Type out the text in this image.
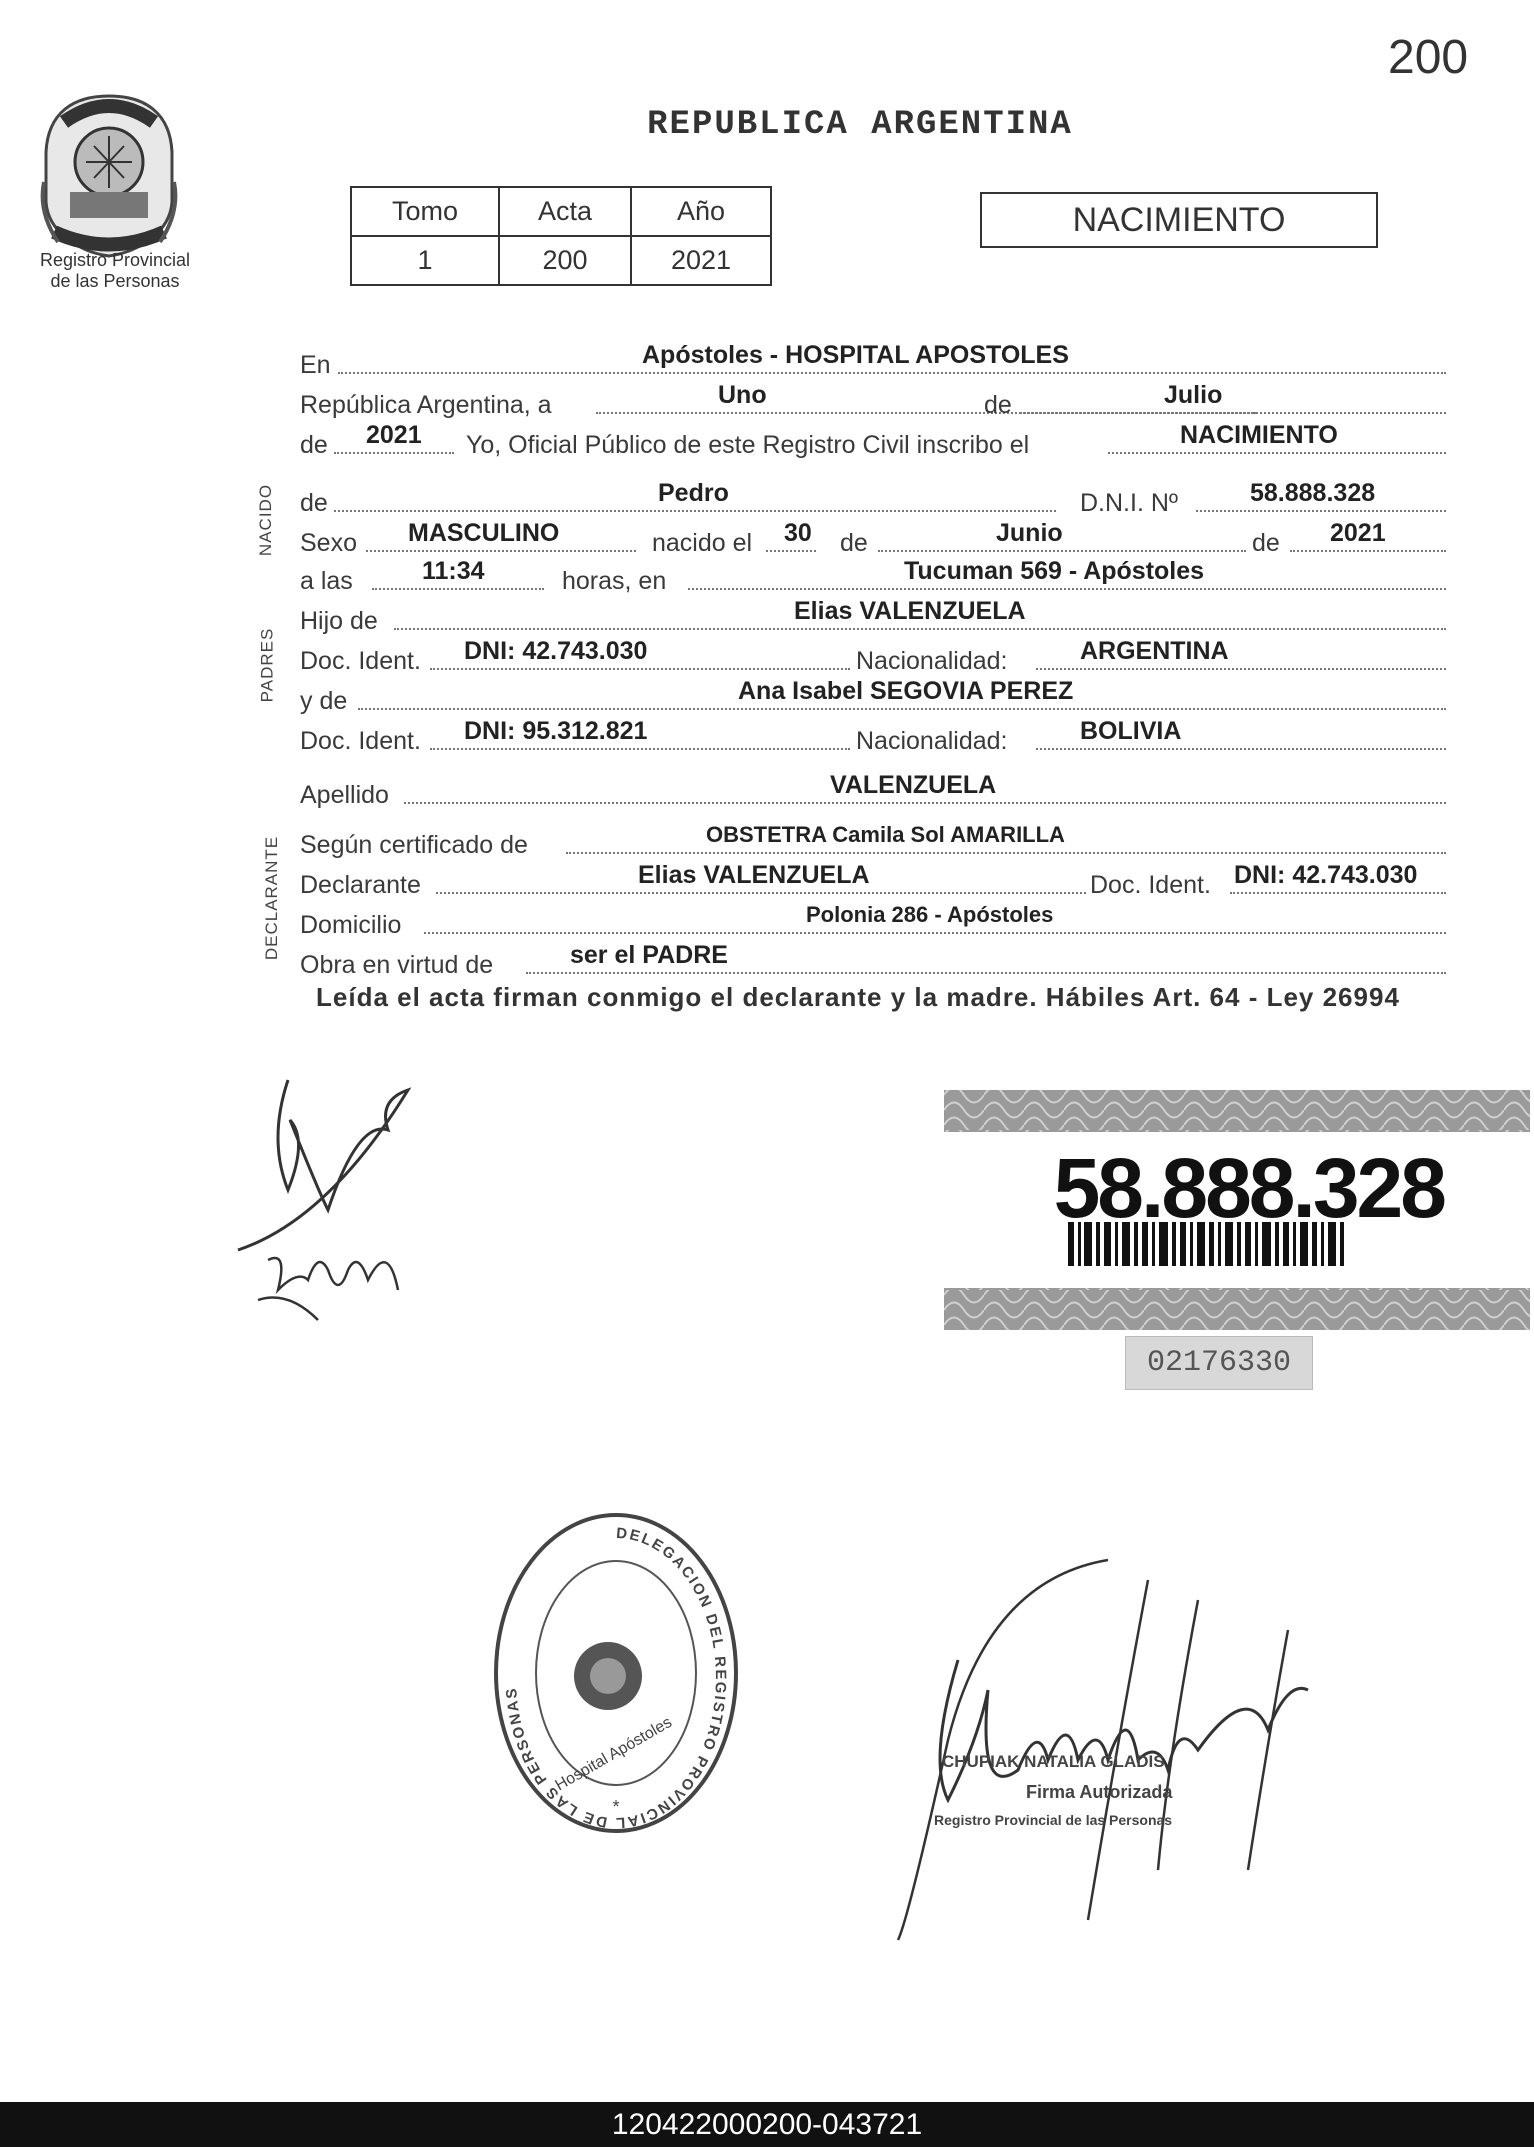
200
Registro Provincial
de las Personas
REPUBLICA ARGENTINA
Tomo	Acta	Año
1	200	2021
NACIMIENTO
NACIDO
PADRES
DECLARANTE
En	Apóstoles - HOSPITAL APOSTOLES
República Argentina, a	Uno	de	Julio
de 2021 Yo, Oficial Público de este Registro Civil inscribo el	NACIMIENTO
de	Pedro	D.N.I. Nº	58.888.328
Sexo MASCULINO	nacido el 30 de	Junio	de 2021
a las	11:34	horas, en	Tucuman 569 - Apóstoles
Hijo de	Elias VALENZUELA
Doc. Ident. DNI: 42.743.030	Nacionalidad:	ARGENTINA
y de	Ana Isabel SEGOVIA PEREZ
Doc. Ident. DNI: 95.312.821	Nacionalidad:	BOLIVIA
Apellido	VALENZUELA
Según certificado de	OBSTETRA Camila Sol AMARILLA
Declarante	Elias VALENZUELA	Doc. Ident. DNI: 42.743.030
Domicilio	Polonia 286 - Apóstoles
Obra en virtud de	ser el PADRE
Leída el acta firman conmigo el declarante y la madre. Hábiles Art. 64 - Ley 26994
58.888.328
02176330
DELEGACION DEL REGISTRO PROVINCIAL DE LAS PERSONAS
Hospital Apóstoles
*
CHUPIAK NATALIA GLADIS
Firma Autorizada
Registro Provincial de las Personas
120422000200-043721
